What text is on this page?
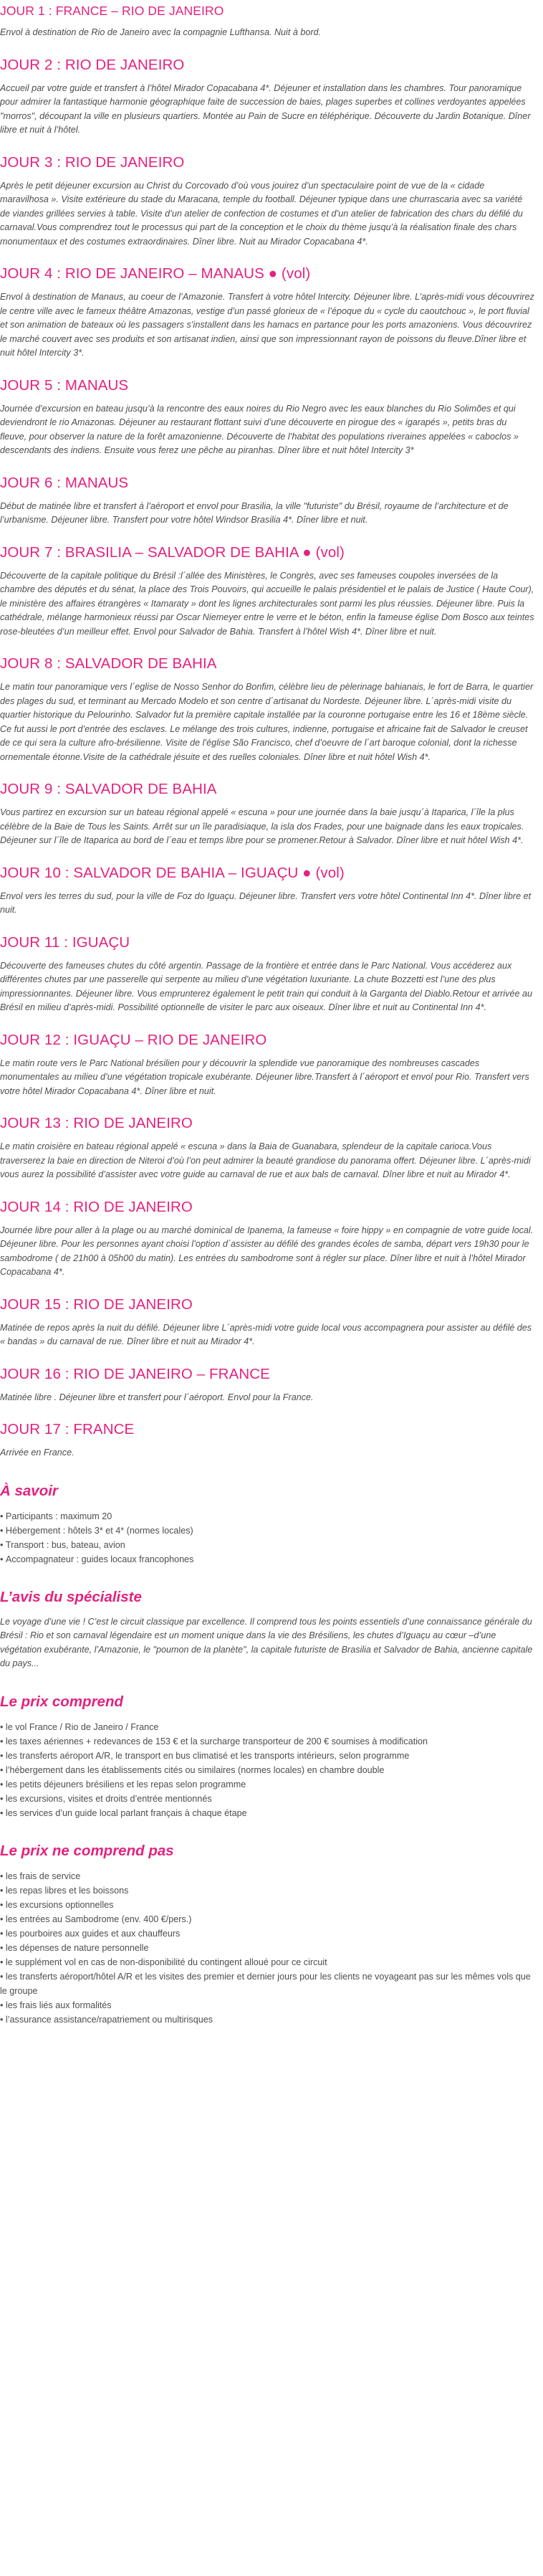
JOUR 1 : FRANCE – RIO DE JANEIRO

Envol à destination de Rio de Janeiro avec la compagnie Lufthansa. Nuit à bord.

JOUR 2 : RIO DE JANEIRO

Accueil par votre guide et transfert à l’hôtel Mirador Copacabana 4*. Déjeuner et installation dans les chambres. Tour panoramique pour admirer la fantastique harmonie géographique faite de succession de baies, plages superbes et collines verdoyantes appelées "morros", découpant la ville en plusieurs quartiers. Montée au Pain de Sucre en téléphérique. Découverte du Jardin Botanique. Dîner libre et nuit à l’hôtel.

JOUR 3 : RIO DE JANEIRO

Après le petit déjeuner excursion au Christ du Corcovado d’où vous jouirez d’un spectaculaire point de vue de la « cidade maravilhosa ». Visite extérieure du stade du Maracana, temple du football. Déjeuner typique dans une churrascaria avec sa variété de viandes grillées servies à table. Visite d’un atelier de confection de costumes et d’un atelier de fabrication des chars du défilé du carnaval.Vous comprendrez tout le processus qui part de la conception et le choix du thème jusqu’à la réalisation finale des chars monumentaux et des costumes extraordinaires. Dîner libre. Nuit au Mirador Copacabana 4*.

JOUR 4 : RIO DE JANEIRO – MANAUS ● (vol)

Envol à destination de Manaus, au coeur de l’Amazonie. Transfert à votre hôtel Intercity. Déjeuner libre. L’après-midi vous découvrirez le centre ville avec le fameux théâtre Amazonas, vestige d’un passé glorieux de « l’époque du « cycle du caoutchouc », le port fluvial et son animation de bateaux où les passagers s’installent dans les hamacs en partance pour les ports amazoniens. Vous découvrirez le marché couvert avec ses produits et son artisanat indien, ainsi que son impressionnant rayon de poissons du fleuve.Dîner libre et nuit hôtel Intercity 3*.

JOUR 5 : MANAUS

Journée d’excursion en bateau jusqu’à la rencontre des eaux noires du Rio Negro avec les eaux blanches du Rio Solimões et qui deviendront le rio Amazonas. Déjeuner au restaurant flottant suivi d’une découverte en pirogue des « igarapés », petits bras du fleuve, pour observer la nature de la forêt amazonienne. Découverte de l’habitat des populations riveraines appelées « caboclos » descendants des indiens. Ensuite vous ferez une pêche au piranhas. Dîner libre et nuit hôtel Intercity 3*

JOUR 6 : MANAUS

Début de matinée libre et transfert à l’aéroport et envol pour Brasilia, la ville "futuriste" du Brésil, royaume de l’architecture et de l’urbanisme. Déjeuner libre. Transfert pour votre hôtel Windsor Brasilia 4*. Dîner libre et nuit.

JOUR 7 : BRASILIA – SALVADOR DE BAHIA ● (vol)

Découverte de la capitale politique du Brésil :l´allée des Ministères, le Congrès, avec ses fameuses coupoles inversées de la chambre des députés et du sénat, la place des Trois Pouvoirs, qui accueille le palais présidentiel et le palais de Justice ( Haute Cour), le ministère des affaires étrangères « Itamaraty » dont les lignes architecturales sont parmi les plus réussies. Déjeuner libre. Puis la cathédrale, mélange harmonieux réussi par Oscar Niemeyer entre le verre et le béton, enfin la fameuse église Dom Bosco aux teintes rose-bleutées d’un meilleur effet. Envol pour Salvador de Bahia. Transfert à l’hôtel Wish 4*. Dîner libre et nuit.

JOUR 8 : SALVADOR DE BAHIA

Le matin tour panoramique vers l´eglise de Nosso Senhor do Bonfim, célèbre lieu de pèlerinage bahianais, le fort de Barra, le quartier des plages du sud, et terminant au Mercado Modelo et son centre d´artisanat du Nordeste. Déjeuner libre. L´après-midi visite du quartier historique du Pelourinho. Salvador fut la première capitale installée par la couronne portugaise entre les 16 et 18ème siècle. Ce fut aussi le port d’entrée des esclaves. Le mélange des trois cultures, indienne, portugaise et africaine fait de Salvador le creuset de ce qui sera la culture afro-brésilienne. Visite de l’église São Francisco, chef d’oeuvre de l´art baroque colonial, dont la richesse ornementale étonne.Visite de la cathédrale jésuite et des ruelles coloniales. Dîner libre et nuit hôtel Wish 4*.

JOUR 9 : SALVADOR DE BAHIA

Vous partirez en excursion sur un bateau régional appelé « escuna » pour une journée dans la baie jusqu´à Itaparica, l´île la plus célèbre de la Baie de Tous les Saints. Arrêt sur un île paradisiaque, la isla dos Frades, pour une baignade dans les eaux tropicales. Déjeuner sur l´île de Itaparica au bord de l´eau et temps libre pour se promener.Retour à Salvador. Dîner libre et nuit hôtel Wish 4*.

JOUR 10 : SALVADOR DE BAHIA – IGUAÇU ● (vol)

Envol vers les terres du sud, pour la ville de Foz do Iguaçu. Déjeuner libre. Transfert vers votre hôtel Continental Inn 4*. Dîner libre et nuit.

JOUR 11 : IGUAÇU

Découverte des fameuses chutes du côté argentin. Passage de la frontière et entrée dans le Parc National. Vous accéderez aux différentes chutes par une passerelle qui serpente au milieu d’une végétation luxuriante. La chute Bozzetti est l’une des plus impressionnantes. Déjeuner libre. Vous emprunterez également le petit train qui conduit à la Garganta del Diablo.Retour et arrivée au Brésil en milieu d’après-midi. Possibilité optionnelle de visiter le parc aux oiseaux. Dîner libre et nuit au Continental Inn 4*.

JOUR 12 : IGUAÇU – RIO DE JANEIRO

Le matin route vers le Parc National brésilien pour y découvrir la splendide vue panoramique des nombreuses cascades monumentales au milieu d’une végétation tropicale exubérante. Déjeuner libre.Transfert à l´aéroport et envol pour Rio. Transfert vers votre hôtel Mirador Copacabana 4*. Dîner libre et nuit.

JOUR 13 : RIO DE JANEIRO

Le matin croisière en bateau régional appelé « escuna » dans la Baia de Guanabara, splendeur de la capitale carioca.Vous traverserez la baie en direction de Niteroi d’où l’on peut admirer la beauté grandiose du panorama offert. Déjeuner libre. L´après-midi vous aurez la possibilité d’assister avec votre guide au carnaval de rue et aux bals de carnaval. Dîner libre et nuit au Mirador 4*.

JOUR 14 : RIO DE JANEIRO

Journée libre pour aller à la plage ou au marché dominical de Ipanema, la fameuse « foire hippy » en compagnie de votre guide local. Déjeuner libre. Pour les personnes ayant choisi l’option d´assister au défilé des grandes écoles de samba, départ vers 19h30 pour le sambodrome ( de 21h00 à 05h00 du matin). Les entrées du sambodrome sont à régler sur place. Dîner libre et nuit à l’hôtel Mirador Copacabana 4*.

JOUR 15 : RIO DE JANEIRO

Matinée de repos après la nuit du défilé. Déjeuner libre L´après-midi votre guide local vous accompagnera pour assister au défilé des « bandas » du carnaval de rue. Dîner libre et nuit au Mirador 4*.

JOUR 16 : RIO DE JANEIRO – FRANCE

Matinée libre . Déjeuner libre et transfert pour l´aéroport. Envol pour la France.

JOUR 17 : FRANCE

Arrivée en France.

À savoir
• Participants : maximum 20
• Hébergement : hôtels 3* et 4* (normes locales)
• Transport : bus, bateau, avion
• Accompagnateur : guides locaux francophones
L’avis du spécialiste

Le voyage d’une vie ! C’est le circuit classique par excellence. Il comprend tous les points essentiels d’une connaissance générale du Brésil : Rio et son carnaval légendaire est un moment unique dans la vie des Brésiliens, les chutes d’Iguaçu au cœur –d’une végétation exubérante, l’Amazonie, le "poumon de la planète", la capitale futuriste de Brasilia et Salvador de Bahia, ancienne capitale du pays...

Le prix comprend
• le vol France / Rio de Janeiro / France
• les taxes aériennes + redevances de 153 € et la surcharge transporteur de 200 € soumises à modification
• les transferts aéroport A/R, le transport en bus climatisé et les transports intérieurs, selon programme
• l’hébergement dans les établissements cités ou similaires (normes locales) en chambre double
• les petits déjeuners brésiliens et les repas selon programme
• les excursions, visites et droits d’entrée mentionnés
• les services d’un guide local parlant français à chaque étape
Le prix ne comprend pas
• les frais de service
• les repas libres et les boissons
• les excursions optionnelles
• les entrées au Sambodrome (env. 400 €/pers.)
• les pourboires aux guides et aux chauffeurs
• les dépenses de nature personnelle
• le supplément vol en cas de non-disponibilité du contingent alloué pour ce circuit
• les transferts aéroport/hôtel A/R et les visites des premier et dernier jours pour les clients ne voyageant pas sur les mêmes vols que le groupe
• les frais liés aux formalités
• l’assurance assistance/rapatriement ou multirisques
